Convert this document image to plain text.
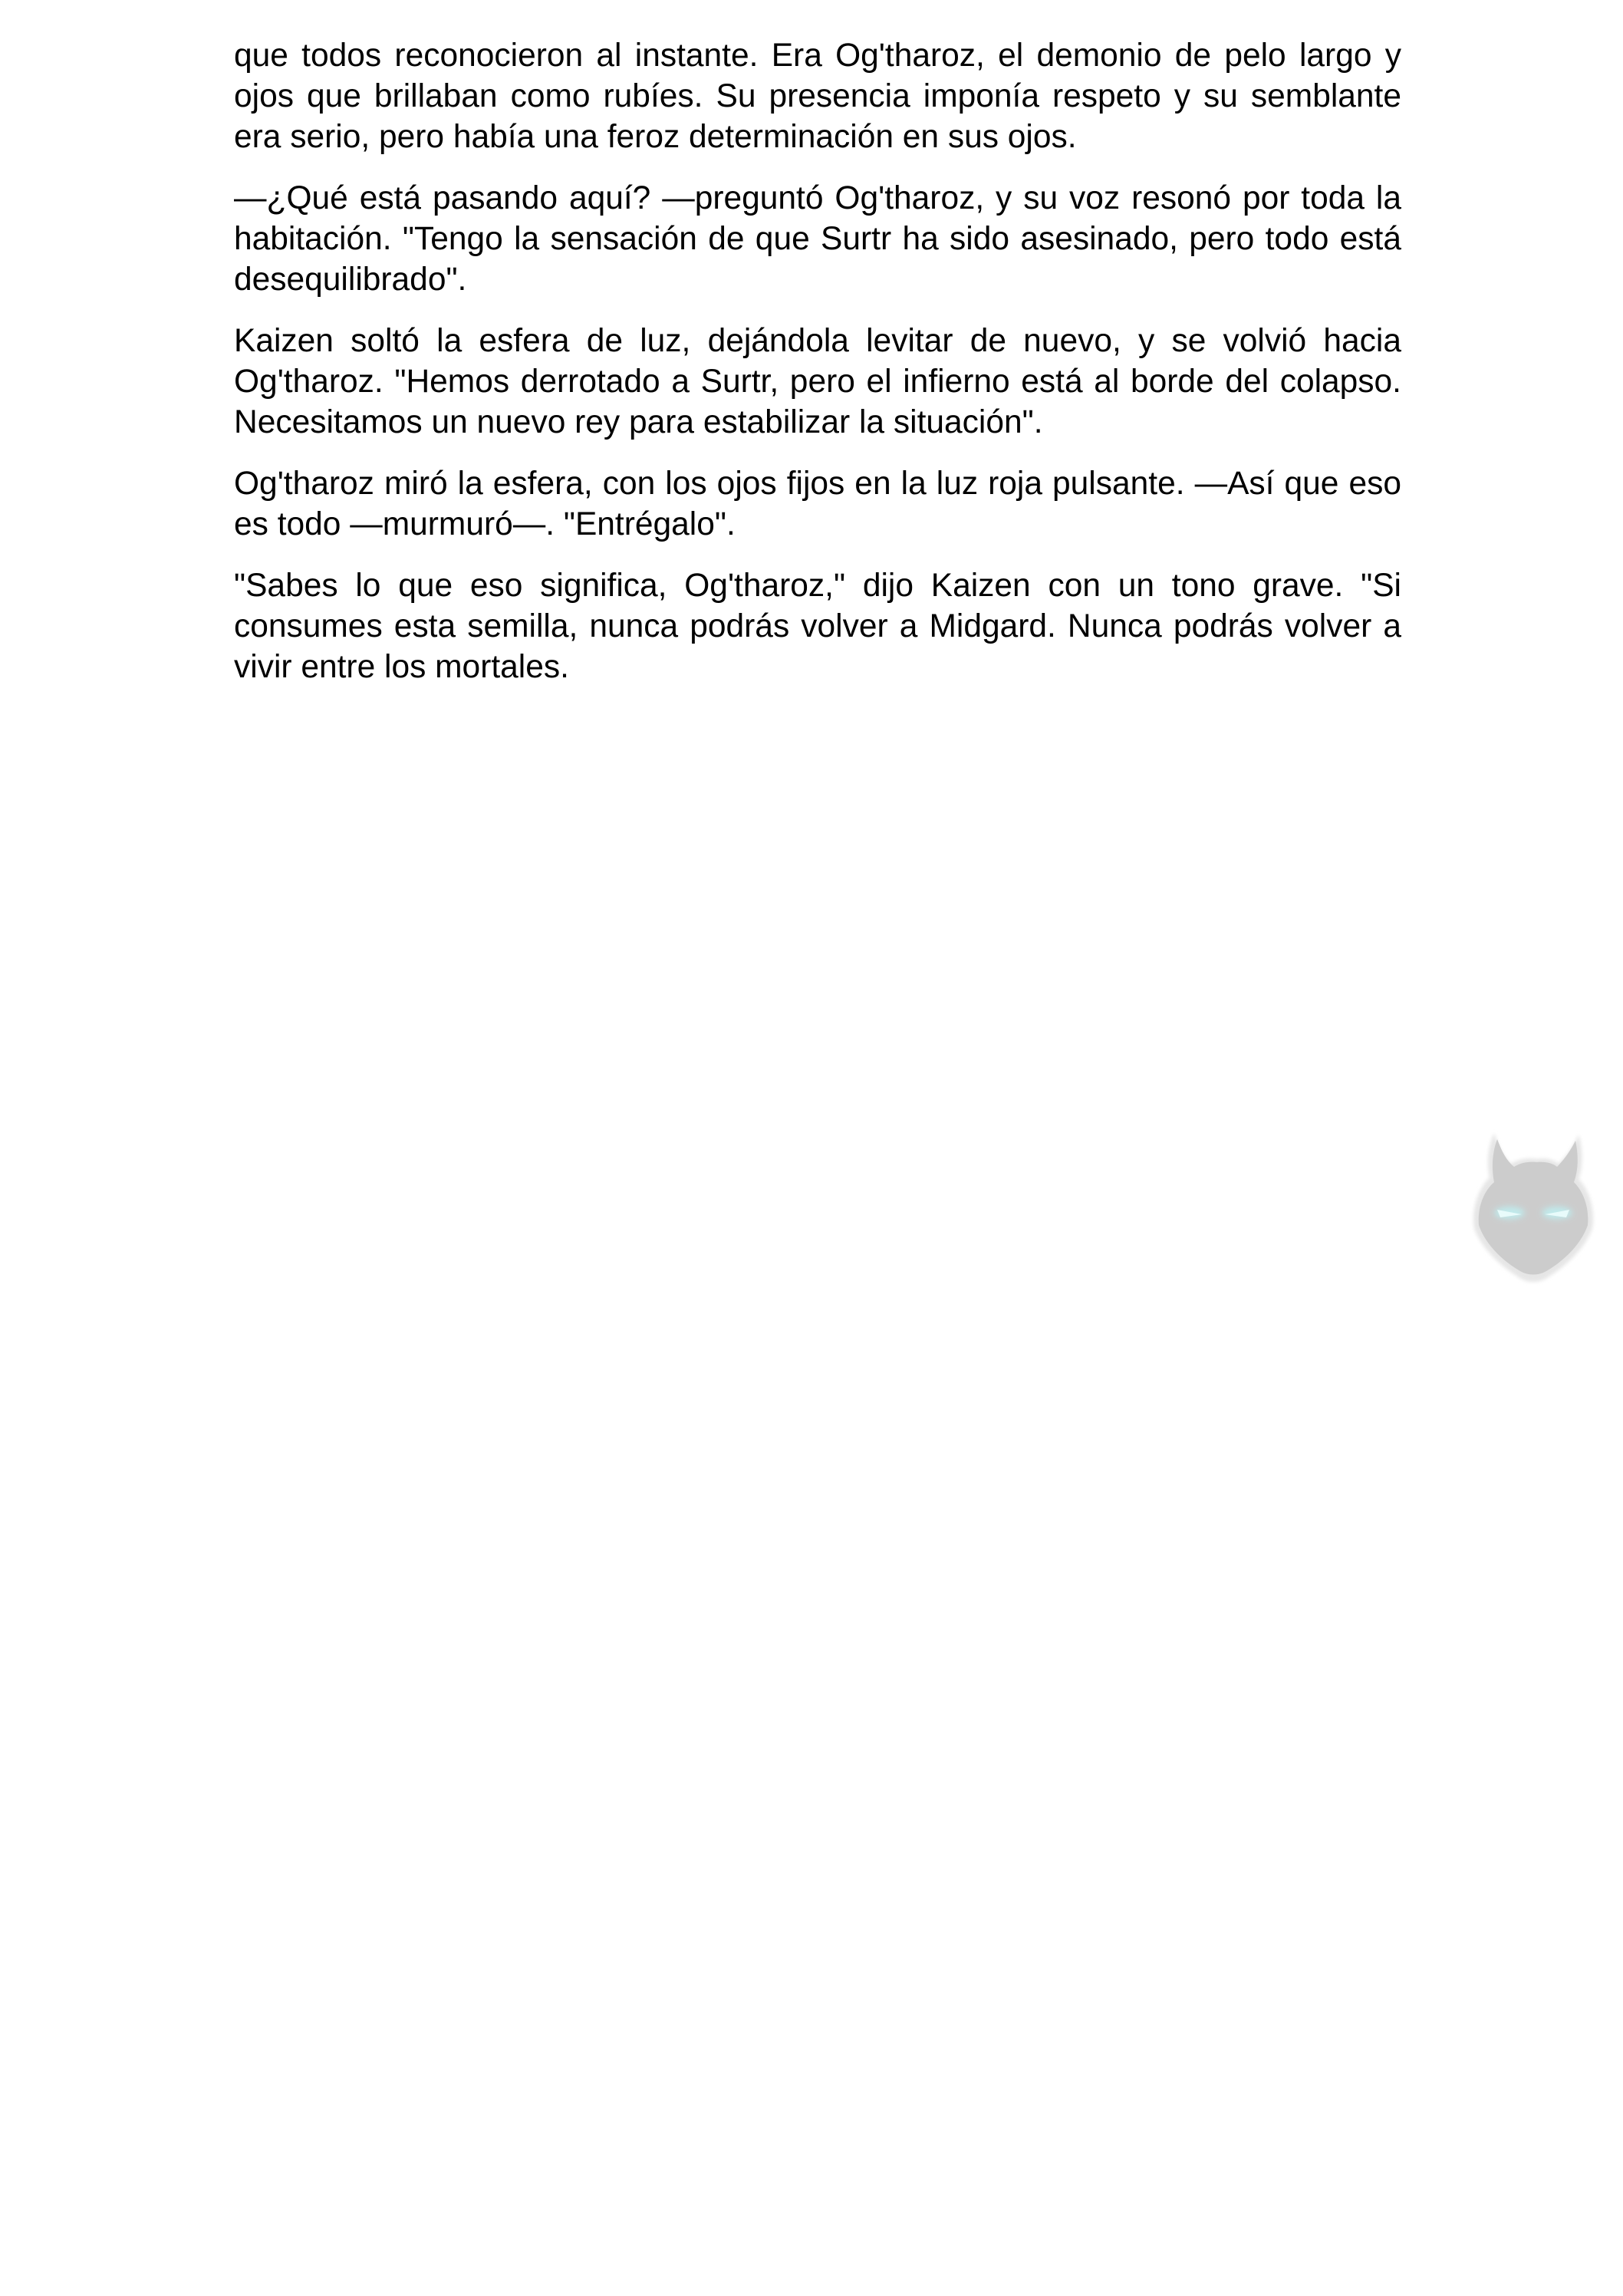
que todos reconocieron al instante. Era Og'tharoz, el demonio de pelo largo y ojos que brillaban como rubíes. Su presencia imponía respeto y su semblante era serio, pero había una feroz determinación en sus ojos.

—¿Qué está pasando aquí? —preguntó Og'tharoz, y su voz resonó por toda la habitación. "Tengo la sensación de que Surtr ha sido asesinado, pero todo está desequilibrado".

Kaizen soltó la esfera de luz, dejándola levitar de nuevo, y se volvió hacia Og'tharoz. "Hemos derrotado a Surtr, pero el infierno está al borde del colapso. Necesitamos un nuevo rey para estabilizar la situación".

Og'tharoz miró la esfera, con los ojos fijos en la luz roja pulsante. —Así que eso es todo —murmuró—. "Entrégalo".

"Sabes lo que eso significa, Og'tharoz," dijo Kaizen con un tono grave. "Si consumes esta semilla, nunca podrás volver a Midgard. Nunca podrás volver a vivir entre los mortales.
